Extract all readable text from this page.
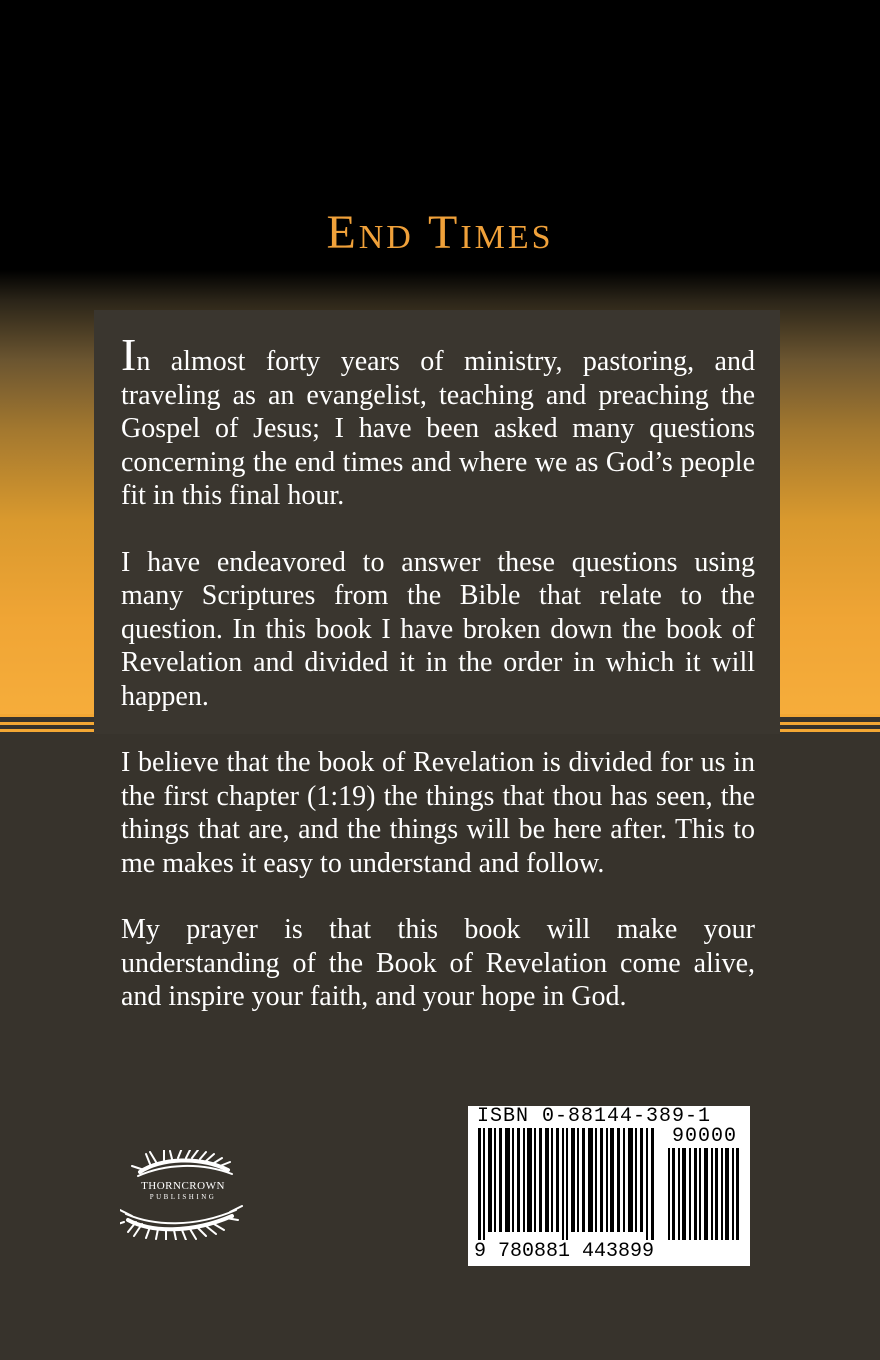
End Times

In almost forty years of ministry, pastoring, and traveling as an evangelist, teaching and preaching the Gospel of Jesus; I have been asked many questions concerning the end times and where we as God’s people fit in this final hour.

I have endeavored to answer these questions using many Scriptures from the Bible that relate to the question. In this book I have broken down the book of Revelation and divided it in the order in which it will happen.

I believe that the book of Revelation is divided for us in the first chapter (1:19) the things that thou has seen, the things that are, and the things will be here after. This to me makes it easy to understand and follow.

My prayer is that this book will make your understanding of the Book of Revelation come alive, and inspire your faith, and your hope in God.

THORNCROWN
PUBLISHING
ISBN 0-88144-389-1
90000
9 780881 443899
